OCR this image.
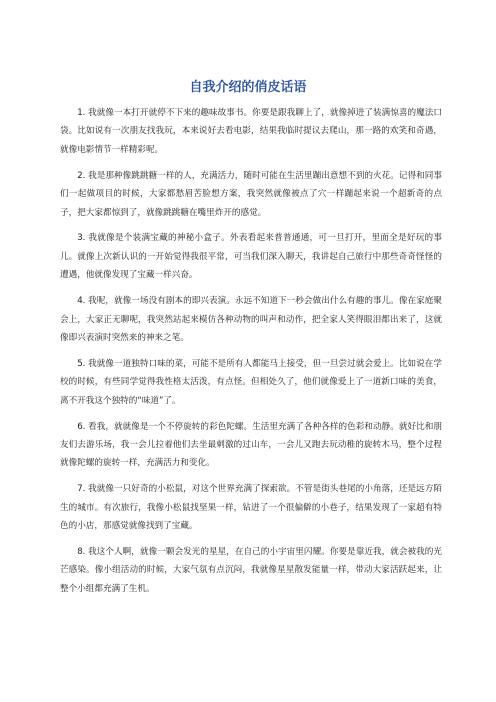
自我介绍的俏皮话语

1. 我就像一本打开就停不下来的趣味故事书。你要是跟我聊上了，就像掉进了装满惊喜的魔法口袋。比如说有一次朋友找我玩，本来说好去看电影，结果我临时提议去爬山，那一路的欢笑和奇遇，就像电影情节一样精彩呢。

2. 我是那种像跳跳糖一样的人，充满活力，随时可能在生活里蹦出意想不到的火花。记得和同事们一起做项目的时候，大家都愁眉苦脸想方案，我突然就像被点了穴一样蹦起来说一个超新奇的点子，把大家都惊到了，就像跳跳糖在嘴里炸开的感觉。

3. 我就像是个装满宝藏的神秘小盒子。外表看起来普普通通，可一旦打开，里面全是好玩的事儿。就像上次新认识的一开始觉得我很平常，可当我们深入聊天，我讲起自己旅行中那些奇奇怪怪的遭遇，他就像发现了宝藏一样兴奋。

4. 我呢，就像一场没有剧本的即兴表演。永远不知道下一秒会做出什么有趣的事儿。像在家庭聚会上，大家正无聊呢，我突然站起来模仿各种动物的叫声和动作，把全家人笑得眼泪都出来了，这就像即兴表演时突然来的神来之笔。

5. 我就像一道独特口味的菜，可能不是所有人都能马上接受，但一旦尝过就会爱上。比如说在学校的时候，有些同学觉得我性格太活泼，有点怪。但相处久了，他们就像爱上了一道新口味的美食，离不开我这个独特的“味道”了。

6. 看我，就就像是一个不停旋转的彩色陀螺。生活里充满了各种各样的色彩和动静。就好比和朋友们去游乐场，我一会儿拉着他们去坐最刺激的过山车，一会儿又跑去玩动稚的旋转木马，整个过程就像陀螺的旋转一样，充满活力和变化。

7. 我就像一只好奇的小松鼠，对这个世界充满了探索欲。不管是街头巷尾的小角落，还是远方陌生的城市。有次旅行，我像小松鼠找坚果一样，钻进了一个很偏僻的小巷子，结果发现了一家超有特色的小店，那感觉就像找到了宝藏。

8. 我这个人啊，就像一颗会发光的星星，在自己的小宇宙里闪耀。你要是靠近我，就会被我的光芒感染。像小组活动的时候，大家气氛有点沉闷，我就像星星散发能量一样，带动大家活跃起来，让整个小组都充满了生机。
